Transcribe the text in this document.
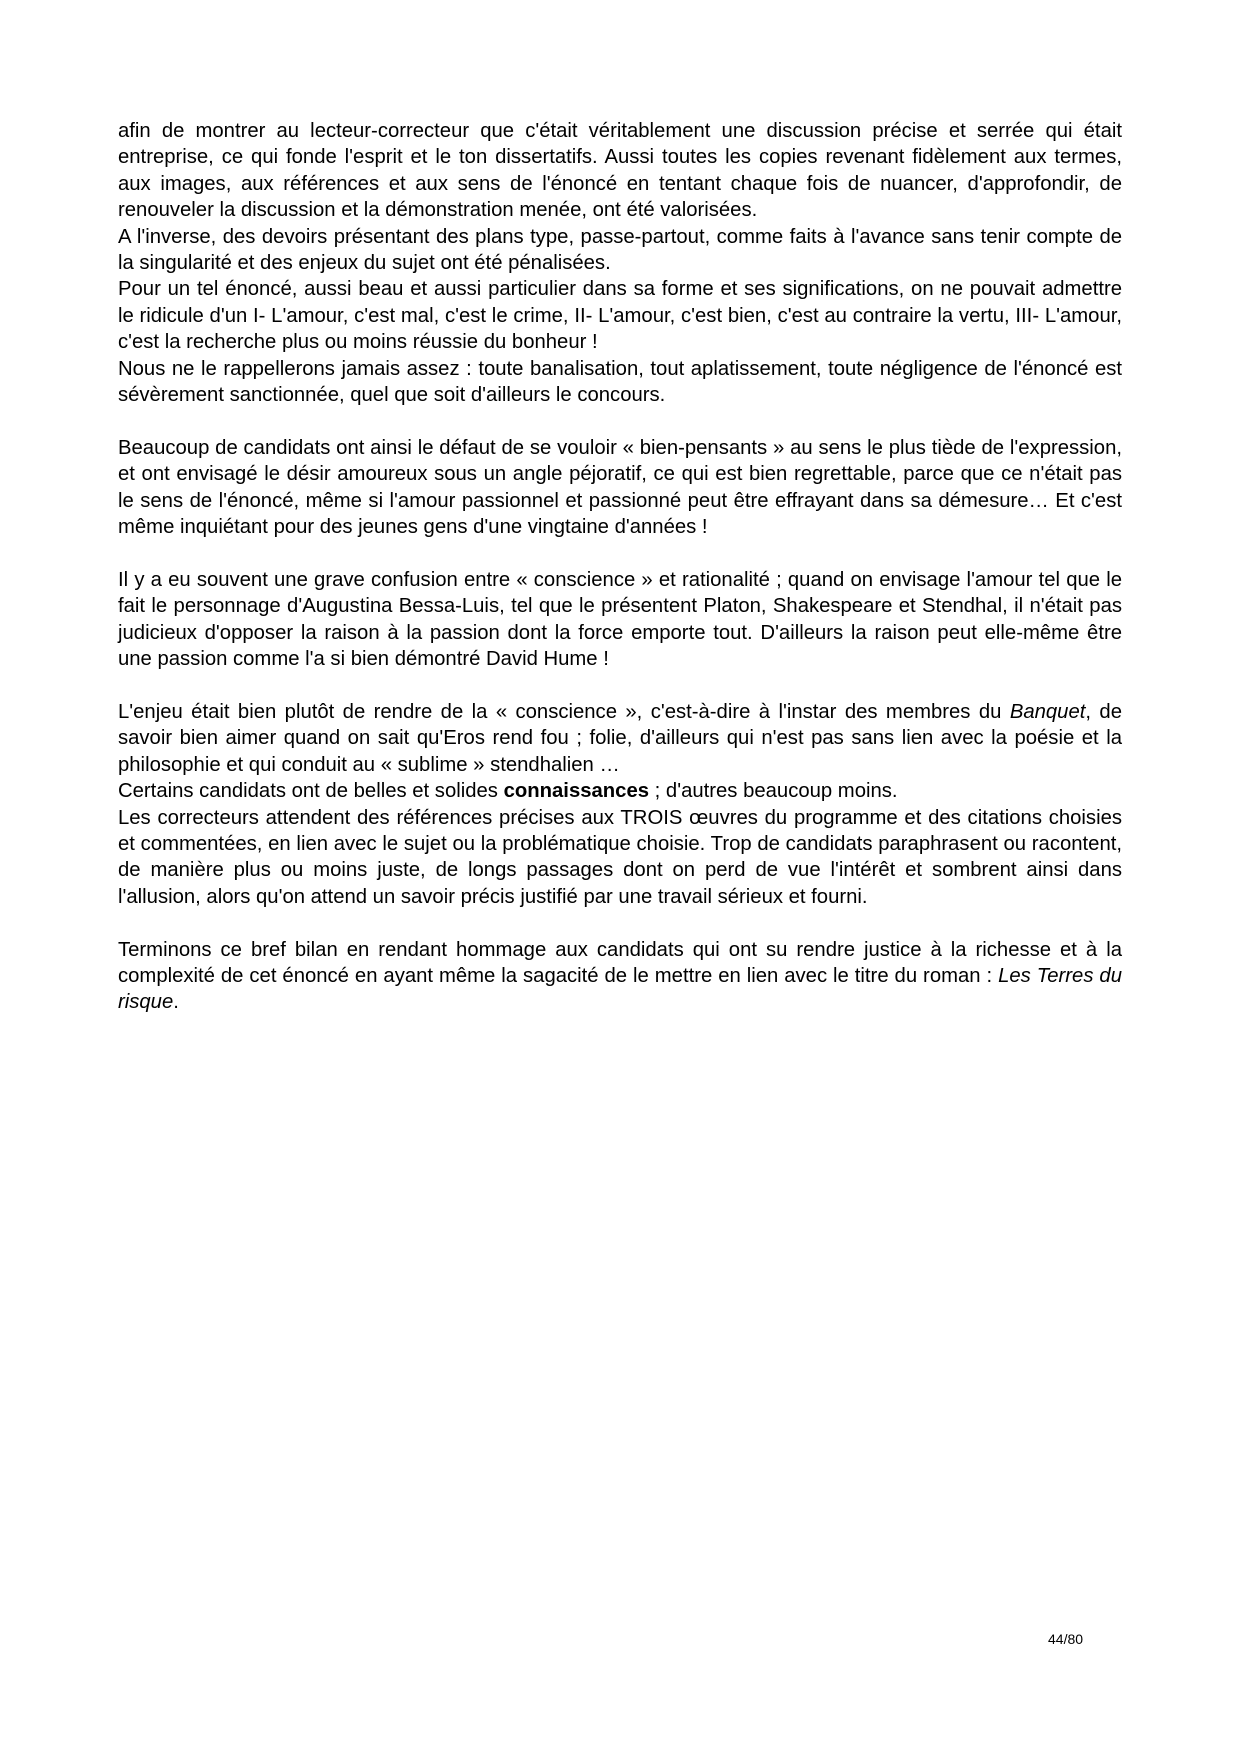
afin de montrer au lecteur-correcteur que c'était véritablement une discussion précise et serrée qui était entreprise, ce qui fonde l'esprit et le ton dissertatifs. Aussi toutes les copies revenant fidèlement aux termes, aux images, aux références et aux sens de l'énoncé en tentant chaque fois de nuancer, d'approfondir, de renouveler la discussion et la démonstration menée, ont été valorisées.

A l'inverse, des devoirs présentant des plans type, passe-partout, comme faits à l'avance sans tenir compte de la singularité et des enjeux du sujet ont été pénalisées.

Pour un tel énoncé, aussi beau et aussi particulier dans sa forme et ses significations, on ne pouvait admettre le ridicule d'un I- L'amour, c'est mal, c'est le crime, II- L'amour, c'est bien, c'est au contraire la vertu, III- L'amour, c'est la recherche plus ou moins réussie du bonheur !

Nous ne le rappellerons jamais assez : toute banalisation, tout aplatissement, toute négligence de l'énoncé est sévèrement sanctionnée, quel que soit d'ailleurs le concours.

Beaucoup de candidats ont ainsi le défaut de se vouloir « bien-pensants » au sens le plus tiède de l'expression, et ont envisagé le désir amoureux sous un angle péjoratif, ce qui est bien regrettable, parce que ce n'était pas le sens de l'énoncé, même si l'amour passionnel et passionné peut être effrayant dans sa démesure… Et c'est même inquiétant pour des jeunes gens d'une vingtaine d'années !

Il y a eu souvent une grave confusion entre « conscience » et rationalité ; quand on envisage l'amour tel que le fait le personnage d'Augustina Bessa-Luis, tel que le présentent Platon, Shakespeare et Stendhal, il n'était pas judicieux d'opposer la raison à la passion dont la force emporte tout. D'ailleurs la raison peut elle-même être une passion comme l'a si bien démontré David Hume !

L'enjeu était bien plutôt de rendre de la « conscience », c'est-à-dire à l'instar des membres du Banquet, de savoir bien aimer quand on sait qu'Eros rend fou ; folie, d'ailleurs qui n'est pas sans lien avec la poésie et la philosophie et qui conduit au « sublime » stendhalien …

Certains candidats ont de belles et solides connaissances ; d'autres beaucoup moins.

Les correcteurs attendent des références précises aux TROIS œuvres du programme et des citations choisies et commentées, en lien avec le sujet ou la problématique choisie. Trop de candidats paraphrasent ou racontent, de manière plus ou moins juste, de longs passages dont on perd de vue l'intérêt et sombrent ainsi dans l'allusion, alors qu'on attend un savoir précis justifié par une travail sérieux et fourni.

Terminons ce bref bilan en rendant hommage aux candidats qui ont su rendre justice à la richesse et à la complexité de cet énoncé en ayant même la sagacité de le mettre en lien avec le titre du roman : Les Terres du risque.

44/80
